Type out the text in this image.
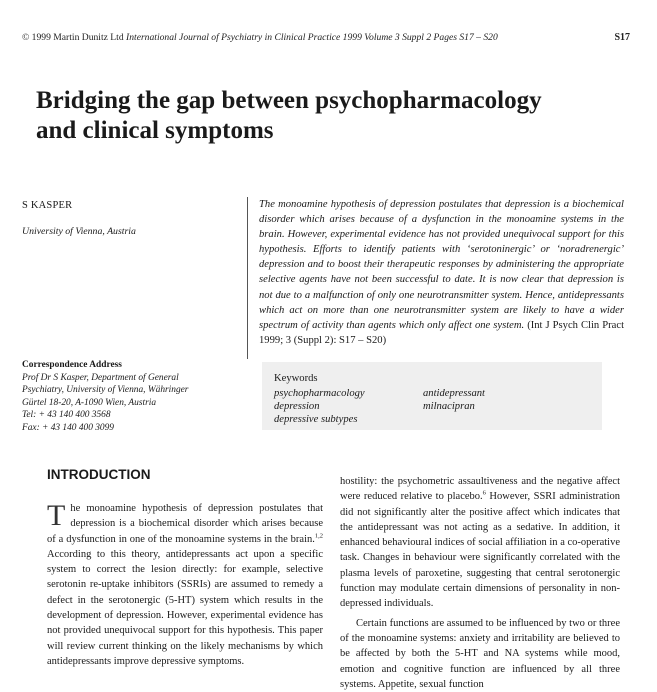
© 1999 Martin Dunitz Ltd International Journal of Psychiatry in Clinical Practice 1999 Volume 3 Suppl 2 Pages S17 – S20	S17
Bridging the gap between psychopharmacology
and clinical symptoms
S KASPER
University of Vienna, Austria
The monoamine hypothesis of depression postulates that depression is a biochemical disorder which arises because of a dysfunction in the monoamine systems in the brain. However, experimental evidence has not provided unequivocal support for this hypothesis. Efforts to identify patients with ‘serotoninergic’ or ‘noradrenergic’ depression and to boost their therapeutic responses by administering the appropriate selective agents have not been successful to date. It is now clear that depression is not due to a malfunction of only one neurotransmitter system. Hence, antidepressants which act on more than one neurotransmitter system are likely to have a wider spectrum of activity than agents which only affect one system. (Int J Psych Clin Pract 1999; 3 (Suppl 2): S17 – S20)
Correspondence Address
Prof Dr S Kasper, Department of General
Psychiatry, University of Vienna, Währinger
Gürtel 18-20, A-1090 Wien, Austria
Tel: + 43 140 400 3568
Fax: + 43 140 400 3099
Keywords
psychopharmacology
depression
depressive subtypes
antidepressant
milnacipran
INTRODUCTION
The monoamine hypothesis of depression postulates that depression is a biochemical disorder which arises because of a dysfunction in one of the monoamine systems in the brain.$^{1,2}$ According to this theory, antidepressants act upon a specific system to correct the lesion directly: for example, selective serotonin re-uptake inhibitors (SSRIs) are assumed to remedy a defect in the serotonergic (5-HT) system which results in the development of depression. However, experimental evidence has not provided unequivocal support for this hypothesis. This paper will review current thinking on the likely mechanisms by which antidepressants improve depressive symptoms.

hostility: the psychometric assaultiveness and the negative affect were reduced relative to placebo.$^6$ However, SSRI administration did not significantly alter the positive affect which indicates that the antidepressant was not acting as a sedative. In addition, it enhanced behavioural indices of social affiliation in a co-operative task. Changes in behaviour were significantly correlated with the plasma levels of paroxetine, suggesting that central serotonergic function may modulate certain dimensions of personality in non-depressed individuals.

Certain functions are assumed to be influenced by two or three of the monoamine systems: anxiety and irritability are believed to be affected by both the 5-HT and NA systems while mood, emotion and cognitive function are influenced by all three systems. Appetite, sexual function
